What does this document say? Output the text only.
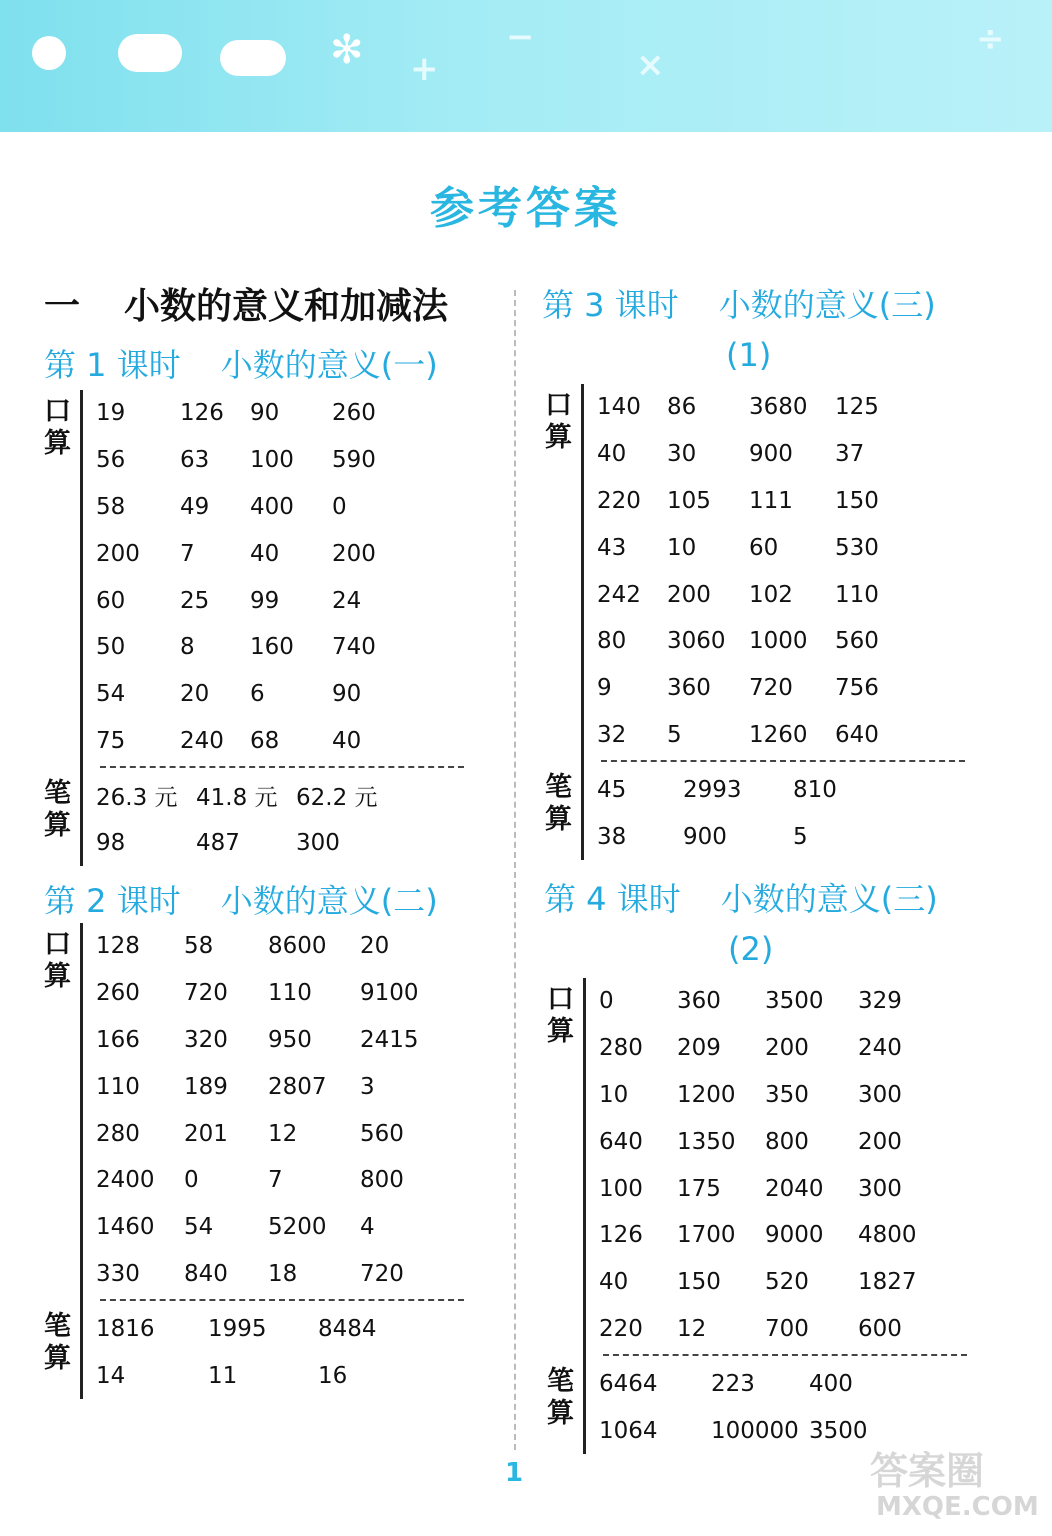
✻ +
−
×
÷
参考答案
一 小数的意义和加减法
第 1 课时 小数的意义(一)
口算
笔算
19 126 90 260
56 63 100 590
58 49 400 0
200 7 40 200
60 25 99 24
50 8 160 740
54 20 6	90
75 240 68 40
26.3 元 41.8 元 62.2 元
98	487 300
第 2 课时 小数的意义(二)
口算
笔算
128 58 8600 20
260 720 110 9100
166 320 950 2415
110 189 2807 3
280 201 12	560
2400 0	7	800
1460 54 5200 4
330 840 18	720
1816 1995 8484
14	11	16
第 3 课时 小数的意义(三)
(1)
口算
笔算
140 86 3680 125
40 30 900 37
220 105 111 150
43 10 60 530
242 200 102 110
80 3060 1000 560
9 360 720 756
32 5	1260 640
45 2993 810
38 900	5
第 4 课时 小数的意义(三)
(2)
口算
笔算
0	360 3500 329
280 209 200 240
10 1200 350 300
640 1350 800 200
100 175 2040 300
126 1700 9000 4800
40 150 520 1827
220 12	700 600
6464 223 400
1064 100000 3500
1	答案圈
MXQE.COM
